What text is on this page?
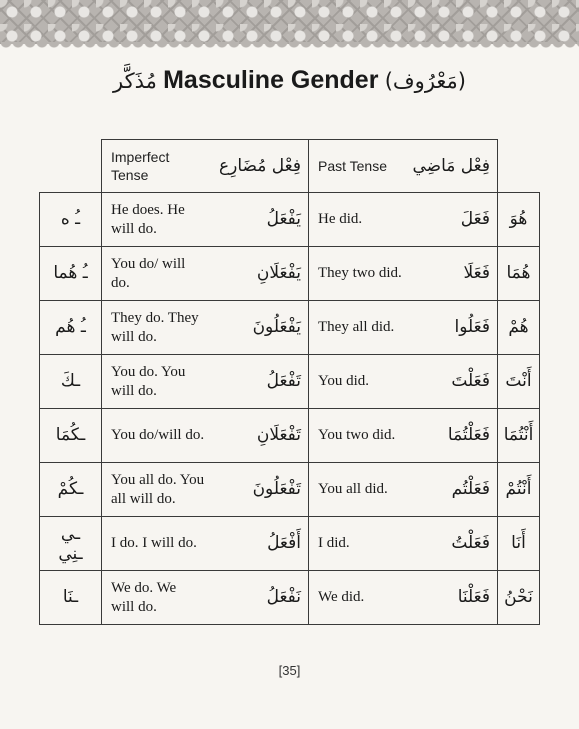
مُذَكَّر Masculine Gender (مَعْرُوف)

	Imperfect Tense فِعْل مُضَارِع	Past Tense فِعْل مَاضِي	

ـُ ه	He does. He will do. يَفْعَلُ	He did. فَعَلَ	هُوَ
ـُ هُما	You do/ will do. يَفْعَلَانِ	They two did. فَعَلَا	هُمَا
ـُ هُم	They do. They will do. يَفْعَلُونَ	They all did. فَعَلُوا	هُمْ
ـكَ	You do. You will do. تَفْعَلُ	You did. فَعَلْتَ	أَنْتَ
ـكُمَا	You do/will do. تَفْعَلَانِ	You two did. فَعَلْتُمَا	أَنْتُمَا
ـكُمْ	You all do. You all will do. تَفْعَلُونَ	You all did. فَعَلْتُم	أَنْتُمْ

ـي
ـنِي	I do. I will do. أَفْعَلُ	I did. فَعَلْتُ	أَنَا
ـنَا	We do. We will do. نَفْعَلُ	We did. فَعَلْنَا	نَحْنُ
[35]
